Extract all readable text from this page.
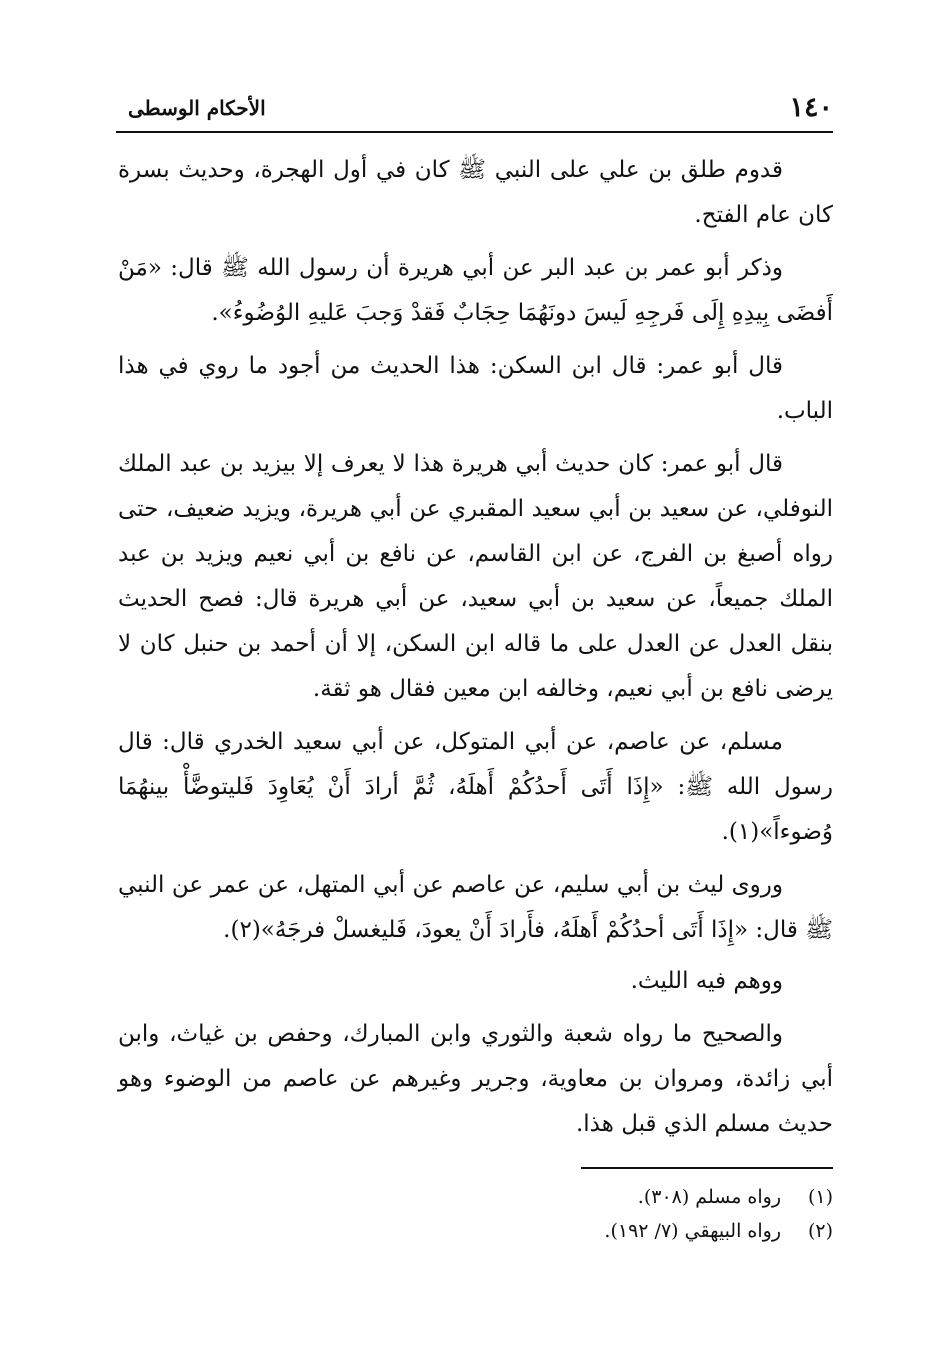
١٤٠
الأحكام الوسطى

قدوم طلق بن علي على النبي ﷺ كان في أول الهجرة، وحديث بسرة كان عام الفتح.

وذكر أبو عمر بن عبد البر عن أبي هريرة أن رسول الله ﷺ قال: «مَنْ أَفضَى بِيدِهِ إِلَى فَرجِهِ لَيسَ دونَهُمَا حِجَابٌ فَقدْ وَجبَ عَليهِ الوُضُوءُ».

قال أبو عمر: قال ابن السكن: هذا الحديث من أجود ما روي في هذا الباب.

قال أبو عمر: كان حديث أبي هريرة هذا لا يعرف إلا بيزيد بن عبد الملك النوفلي، عن سعيد بن أبي سعيد المقبري عن أبي هريرة، ويزيد ضعيف، حتى رواه أصبغ بن الفرج، عن ابن القاسم، عن نافع بن أبي نعيم ويزيد بن عبد الملك جميعاً، عن سعيد بن أبي سعيد، عن أبي هريرة قال: فصح الحديث بنقل العدل عن العدل على ما قاله ابن السكن، إلا أن أحمد بن حنبل كان لا يرضى نافع بن أبي نعيم، وخالفه ابن معين فقال هو ثقة.

مسلم، عن عاصم، عن أبي المتوكل، عن أبي سعيد الخدري قال: قال رسول الله ﷺ: «إِذَا أَتَى أَحدُكُمْ أَهلَهُ، ثُمَّ أرادَ أَنْ يُعَاوِدَ فَليتوضَّأْ بينهُمَا وُضوءاً»(١).

وروى ليث بن أبي سليم، عن عاصم عن أبي المتهل، عن عمر عن النبي ﷺ قال: «إِذَا أَتَى أحدُكُمْ أَهلَهُ، فأَرادَ أَنْ يعودَ، فَليغسلْ فرجَهُ»(٢).

ووهم فيه الليث.

والصحيح ما رواه شعبة والثوري وابن المبارك، وحفص بن غياث، وابن أبي زائدة، ومروان بن معاوية، وجرير وغيرهم عن عاصم من الوضوء وهو حديث مسلم الذي قبل هذا.

(١)
رواه مسلم (٣٠٨).
(٢)
رواه البيهقي (٧/ ١٩٢).
